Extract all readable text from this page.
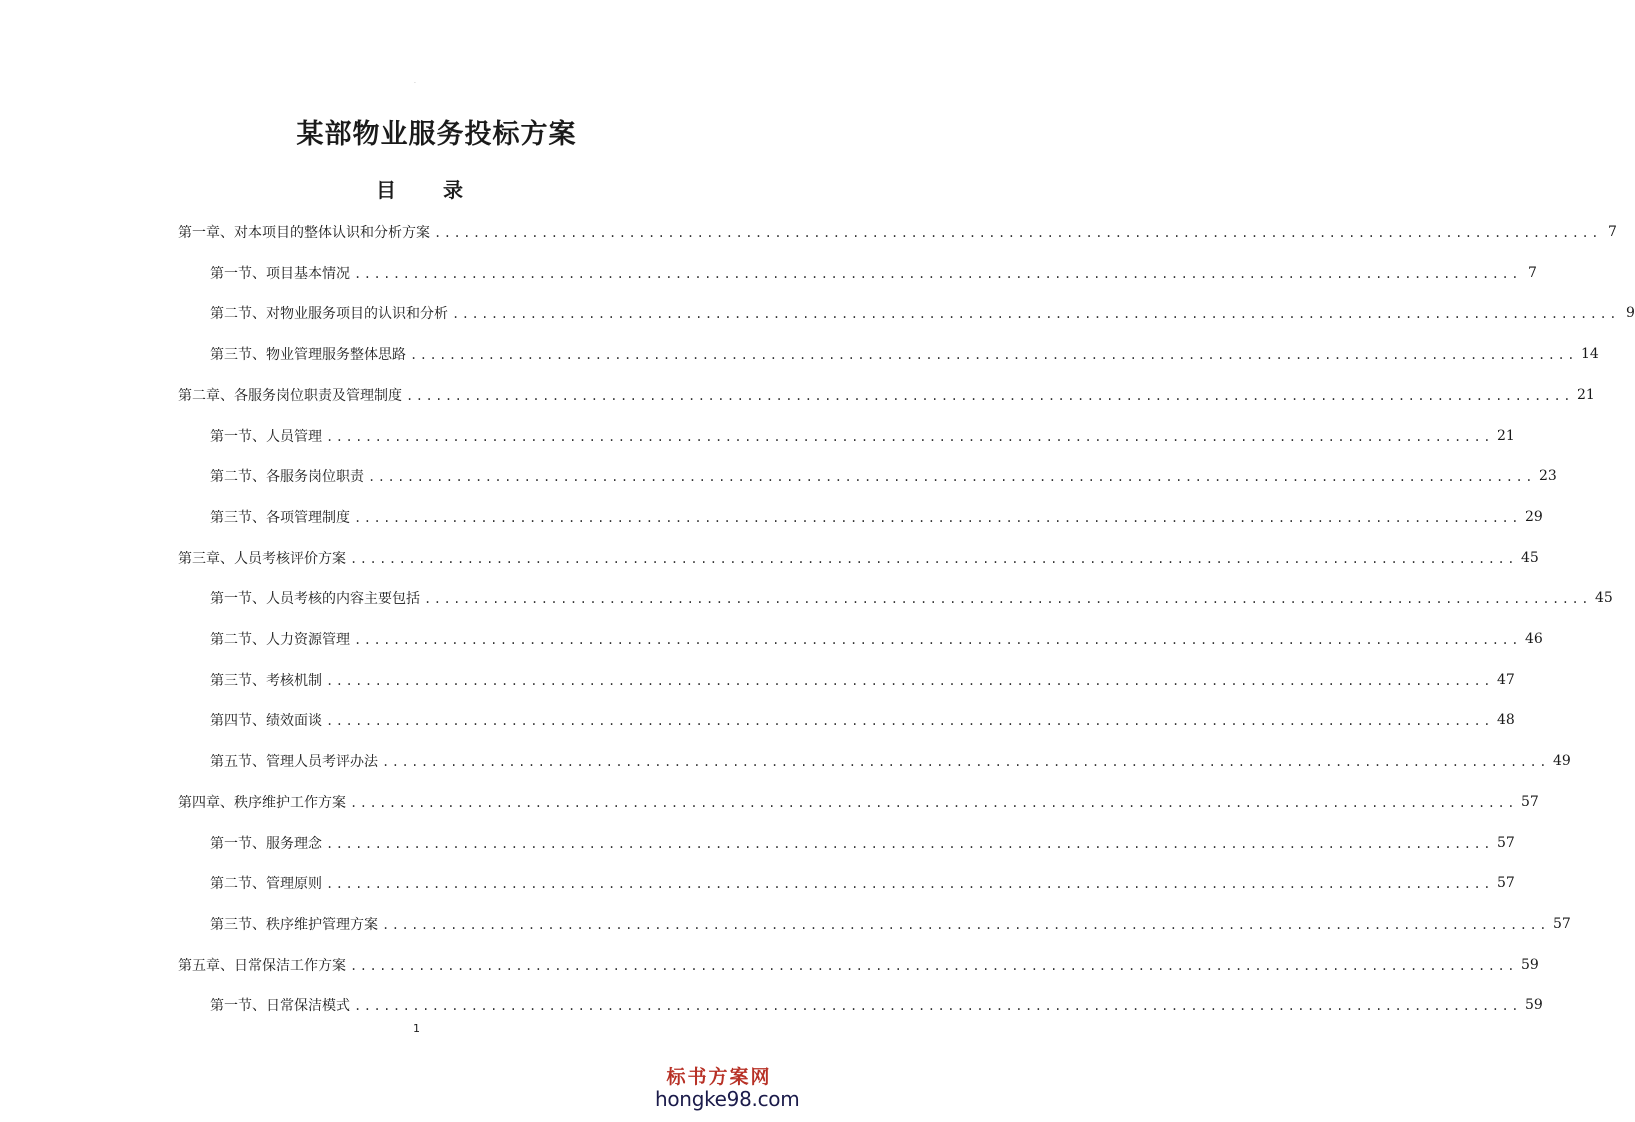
·
某部物业服务投标方案
目 录
第一章、对本项目的整体认识和分析方案 ........................................................................................................................ 7
第一节、项目基本情况 ........................................................................................................................ 7
第二节、对物业服务项目的认识和分析 ........................................................................................................................ 9
第三节、物业管理服务整体思路 ........................................................................................................................ 14
第二章、各服务岗位职责及管理制度 ........................................................................................................................ 21
第一节、人员管理 ........................................................................................................................ 21
第二节、各服务岗位职责 ........................................................................................................................ 23
第三节、各项管理制度 ........................................................................................................................ 29
第三章、人员考核评价方案 ........................................................................................................................ 45
第一节、人员考核的内容主要包括 ........................................................................................................................ 45
第二节、人力资源管理 ........................................................................................................................ 46
第三节、考核机制 ........................................................................................................................ 47
第四节、绩效面谈 ........................................................................................................................ 48
第五节、管理人员考评办法 ........................................................................................................................ 49
第四章、秩序维护工作方案 ........................................................................................................................ 57
第一节、服务理念 ........................................................................................................................ 57
第二节、管理原则 ........................................................................................................................ 57
第三节、秩序维护管理方案 ........................................................................................................................ 57
第五章、日常保洁工作方案 ........................................................................................................................ 59
第一节、日常保洁模式 ........................................................................................................................ 59
1
标书方案网
hongke98.com
